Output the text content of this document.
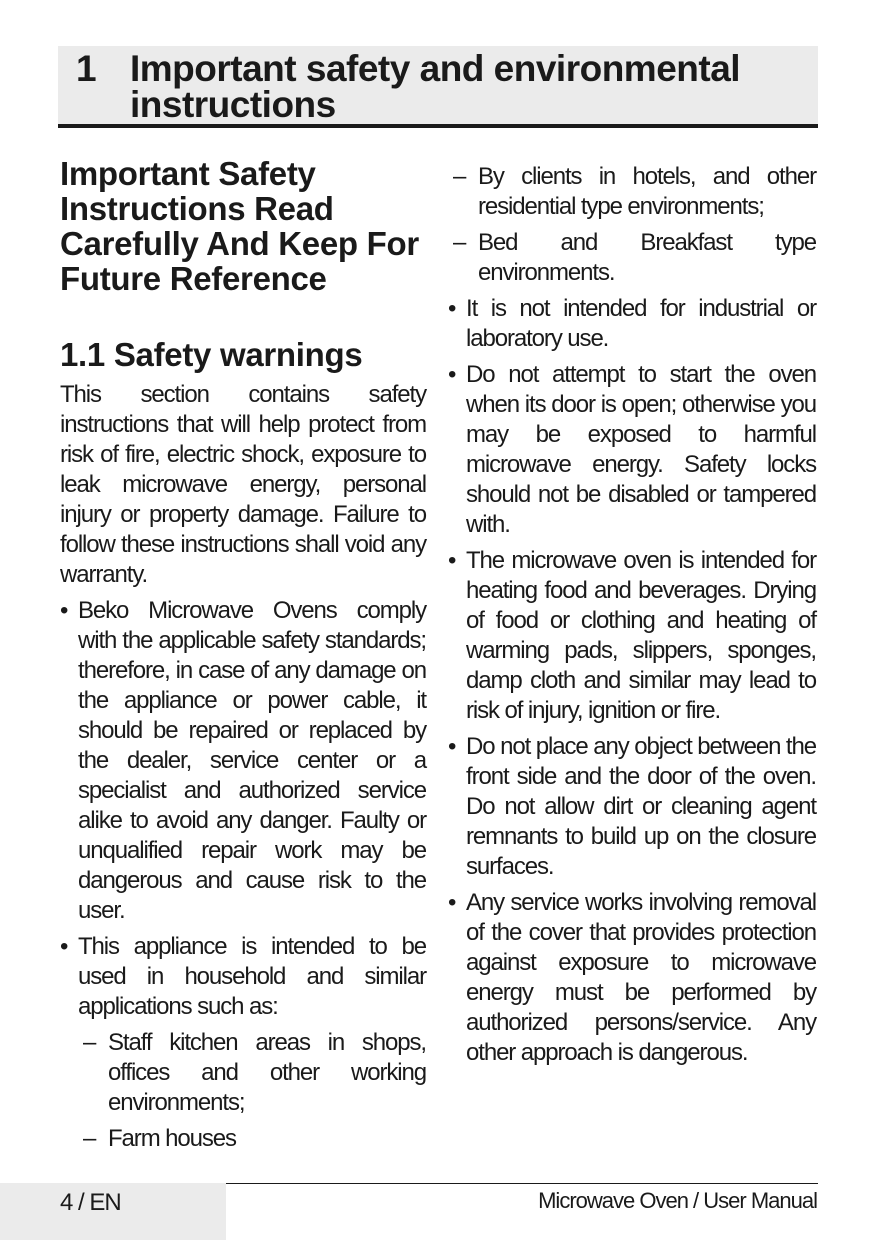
1 Important safety and environmental instructions
Important Safety Instructions Read Carefully And Keep For Future Reference
1.1 Safety warnings

This section contains safety instructions that will help protect from risk of fire, electric shock, exposure to leak microwave energy, personal injury or property damage. Failure to follow these instructions shall void any warranty.

• Beko Microwave Ovens comply with the applicable safety standards; therefore, in case of any damage on the appliance or power cable, it should be repaired or replaced by the dealer, service center or a specialist and authorized service alike to avoid any danger. Faulty or unqualified repair work may be dangerous and cause risk to the user.
• This appliance is intended to be used in household and similar applications such as:
– Staff kitchen areas in shops, offices and other working environments;
– Farm houses
– By clients in hotels, and other residential type environments;
– Bed and Breakfast type environments.
• It is not intended for industrial or laboratory use.
• Do not attempt to start the oven when its door is open; otherwise you may be exposed to harmful microwave energy. Safety locks should not be disabled or tampered with.
• The microwave oven is intended for heating food and beverages. Drying of food or clothing and heating of warming pads, slippers, sponges, damp cloth and similar may lead to risk of injury, ignition or fire.
• Do not place any object between the front side and the door of the oven. Do not allow dirt or cleaning agent remnants to build up on the closure surfaces.
• Any service works involving removal of the cover that provides protection against exposure to microwave energy must be performed by authorized persons/service. Any other approach is dangerous.
4 / EN	Microwave Oven / User Manual
